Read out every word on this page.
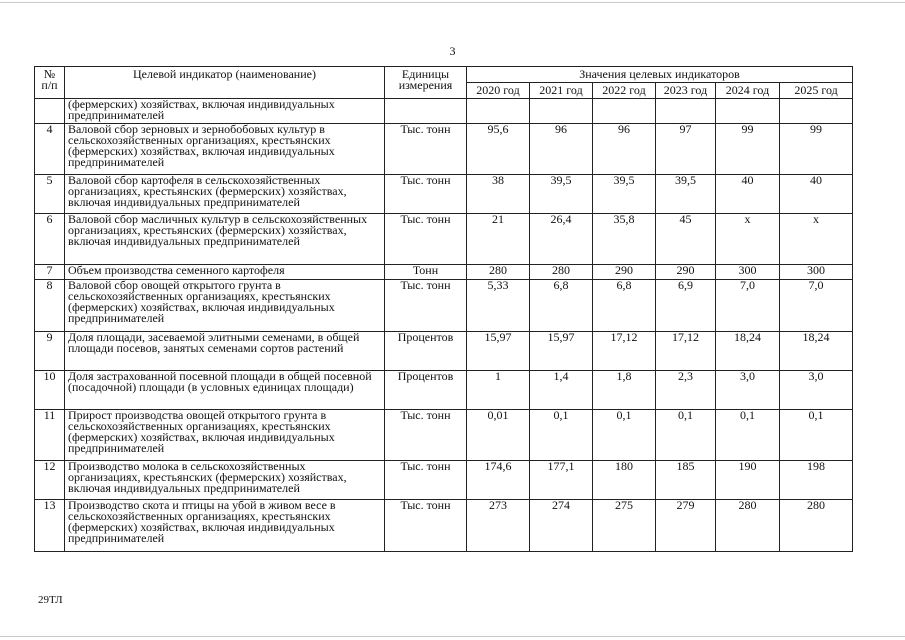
3
№ п/п	Целевой индикатор (наименование)	Единицы измерения	Значения целевых индикаторов					
			2020 год	2021 год	2022 год	2023 год	2024 год	2025 год
	(фермерских) хозяйствах, включая индивидуальных предпринимателей							
4	Валовой сбор зерновых и зернобобовых культур в сельскохозяйственных организациях, крестьянских (фермерских) хозяйствах, включая индивидуальных предпринимателей	Тыс. тонн	95,6	96	96	97	99	99
5	Валовой сбор картофеля в сельскохозяйственных организациях, крестьянских (фермерских) хозяйствах, включая индивидуальных предпринимателей	Тыс. тонн	38	39,5	39,5	39,5	40	40
6	Валовой сбор масличных культур в сельскохозяйственных организациях, крестьянских (фермерских) хозяйствах, включая индивидуальных предпринимателей	Тыс. тонн	21	26,4	35,8	45	х	х
7	Объем производства семенного картофеля	Тонн	280	280	290	290	300	300
8	Валовой сбор овощей открытого грунта в сельскохозяйственных организациях, крестьянских (фермерских) хозяйствах, включая индивидуальных предпринимателей	Тыс. тонн	5,33	6,8	6,8	6,9	7,0	7,0
9	Доля площади, засеваемой элитными семенами, в общей площади посевов, занятых семенами сортов растений	Процентов	15,97	15,97	17,12	17,12	18,24	18,24
10	Доля застрахованной посевной площади в общей посевной (посадочной) площади (в условных единицах площади)	Процентов	1	1,4	1,8	2,3	3,0	3,0
11	Прирост производства овощей открытого грунта в сельскохозяйственных организациях, крестьянских (фермерских) хозяйствах, включая индивидуальных предпринимателей	Тыс. тонн	0,01	0,1	0,1	0,1	0,1	0,1
12	Производство молока в сельскохозяйственных организациях, крестьянских (фермерских) хозяйствах, включая индивидуальных предпринимателей	Тыс. тонн	174,6	177,1	180	185	190	198
13	Производство скота и птицы на убой в живом весе в сельскохозяйственных организациях, крестьянских (фермерских) хозяйствах, включая индивидуальных предпринимателей	Тыс. тонн	273	274	275	279	280	280
29ТЛ
